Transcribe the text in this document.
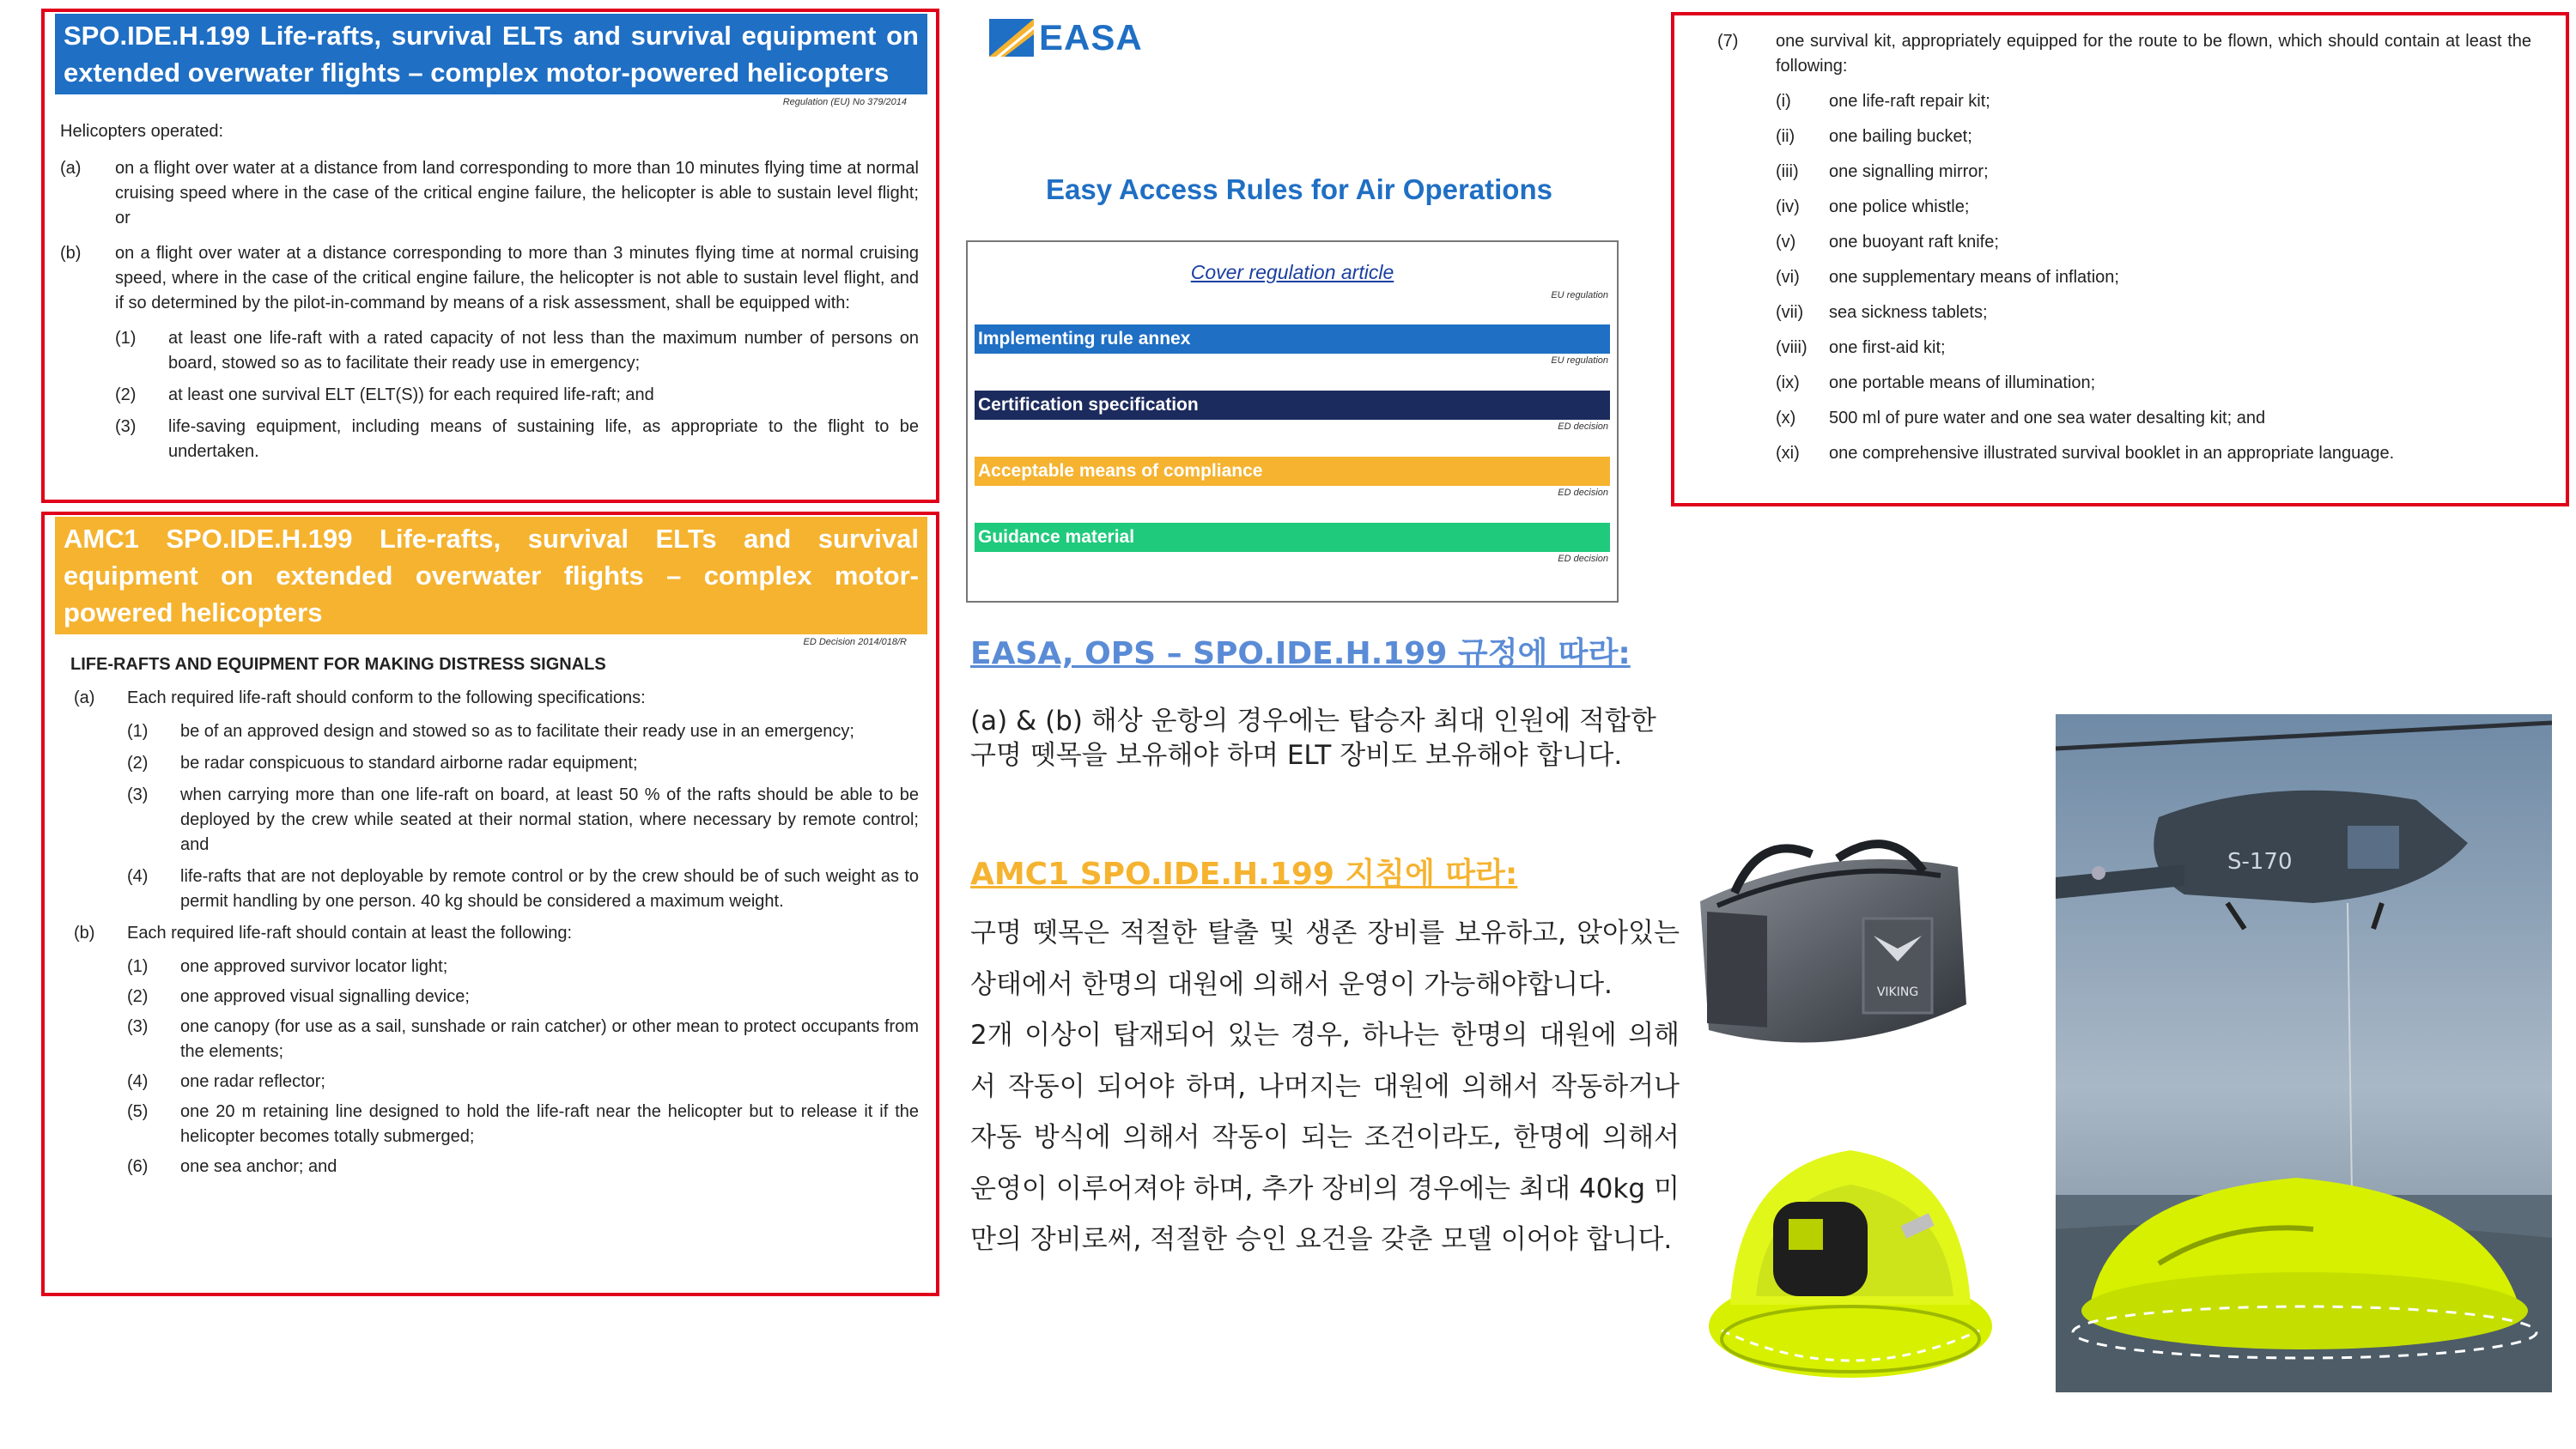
SPO.IDE.H.199 Life-rafts, survival ELTs and survival equipment on extended overwater flights – complex motor-powered helicopters
Regulation (EU) No 379/2014
Helicopters operated:
(a)	on a flight over water at a distance from land corresponding to more than 10 minutes flying time at normal cruising speed where in the case of the critical engine failure, the helicopter is able to sustain level flight; or
(b)	on a flight over water at a distance corresponding to more than 3 minutes flying time at normal cruising speed, where in the case of the critical engine failure, the helicopter is not able to sustain level flight, and if so determined by the pilot-in-command by means of a risk assessment, shall be equipped with:
(1)	at least one life-raft with a rated capacity of not less than the maximum number of persons on board, stowed so as to facilitate their ready use in emergency;
(2)	at least one survival ELT (ELT(S)) for each required life-raft; and
(3)	life-saving equipment, including means of sustaining life, as appropriate to the flight to be undertaken.
AMC1 SPO.IDE.H.199 Life-rafts, survival ELTs and survival equipment on extended overwater flights – complex motor-powered helicopters
ED Decision 2014/018/R
LIFE-RAFTS AND EQUIPMENT FOR MAKING DISTRESS SIGNALS
(a)	Each required life-raft should conform to the following specifications:
(1)	be of an approved design and stowed so as to facilitate their ready use in an emergency;
(2)	be radar conspicuous to standard airborne radar equipment;
(3)	when carrying more than one life-raft on board, at least 50 % of the rafts should be able to be deployed by the crew while seated at their normal station, where necessary by remote control; and
(4)	life-rafts that are not deployable by remote control or by the crew should be of such weight as to permit handling by one person. 40 kg should be considered a maximum weight.
(b)	Each required life-raft should contain at least the following:
(1)	one approved survivor locator light;
(2)	one approved visual signalling device;
(3)	one canopy (for use as a sail, sunshade or rain catcher) or other mean to protect occupants from the elements;
(4)	one radar reflector;
(5)	one 20 m retaining line designed to hold the life-raft near the helicopter but to release it if the helicopter becomes totally submerged;
(6)	one sea anchor; and
EASA
Easy Access Rules for Air Operations
Cover regulation article
EU regulation
Implementing rule annex
EU regulation
Certification specification
ED decision
Acceptable means of compliance
ED decision
Guidance material
ED decision
EASA, OPS – SPO.IDE.H.199 규정에 따라:
(a) & (b) 해상 운항의 경우에는 탑승자 최대 인원에 적합한 구명 뗏목을 보유해야 하며 ELT 장비도 보유해야 합니다.
AMC1 SPO.IDE.H.199 지침에 따라:
구명 뗏목은 적절한 탈출 및 생존 장비를 보유하고, 앉아있는 상태에서 한명의 대원에 의해서 운영이 가능해야합니다.
2개 이상이 탑재되어 있는 경우, 하나는 한명의 대원에 의해서 작동이 되어야 하며, 나머지는 대원에 의해서 작동하거나 자동 방식에 의해서 작동이 되는 조건이라도, 한명에 의해서 운영이 이루어져야 하며, 추가 장비의 경우에는 최대 40kg 미만의 장비로써, 적절한 승인 요건을 갖춘 모델 이어야 합니다.
(7)	one survival kit, appropriately equipped for the route to be flown, which should contain at least the following:
(i)	one life-raft repair kit;
(ii)	one bailing bucket;
(iii)	one signalling mirror;
(iv)	one police whistle;
(v)	one buoyant raft knife;
(vi)	one supplementary means of inflation;
(vii)	sea sickness tablets;
(viii)	one first-aid kit;
(ix)	one portable means of illumination;
(x)	500 ml of pure water and one sea water desalting kit; and
(xi)	one comprehensive illustrated survival booklet in an appropriate language.
VIKING
S-170
